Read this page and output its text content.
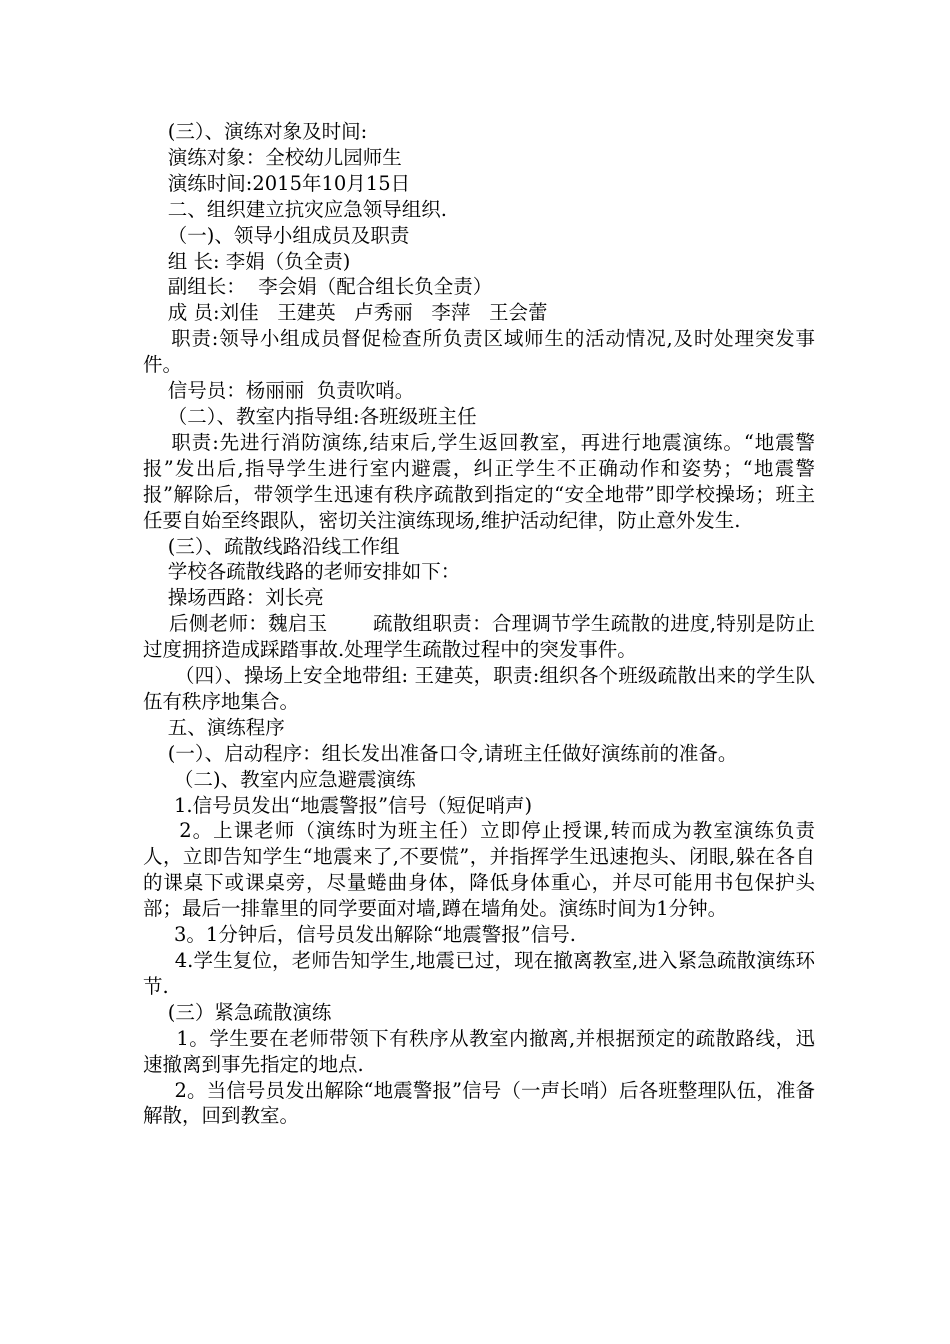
(三）、演练对象及时间:

演练对象：全校幼儿园师生

演练时间:2015年10月15日

二、组织建立抗灾应急领导组织.

（一)、领导小组成员及职责

组 长: 李娟（负全责)

副组长：  李会娟（配合组长负全责）

成 员:刘佳   王建英   卢秀丽   李萍   王会蕾

职责:领导小组成员督促检查所负责区域师生的活动情况,及时处理突发事件。

信号员：杨丽丽  负责吹哨。

（二）、教室内指导组:各班级班主任

职责:先进行消防演练,结束后,学生返回教室，再进行地震演练。“地震警报”发出后,指导学生进行室内避震，纠正学生不正确动作和姿势；“地震警报”解除后，带领学生迅速有秩序疏散到指定的“安全地带”即学校操场；班主任要自始至终跟队，密切关注演练现场,维护活动纪律，防止意外发生.

(三）、疏散线路沿线工作组

学校各疏散线路的老师安排如下：

操场西路：刘长亮

后侧老师：魏启玉       疏散组职责：合理调节学生疏散的进度,特别是防止过度拥挤造成踩踏事故.处理学生疏散过程中的突发事件。

（四）、操场上安全地带组: 王建英，职责:组织各个班级疏散出来的学生队伍有秩序地集合。

五、演练程序

(一）、启动程序：组长发出准备口令,请班主任做好演练前的准备。

（二)、教室内应急避震演练

1.信号员发出“地震警报”信号（短促哨声)

2。上课老师（演练时为班主任）立即停止授课,转而成为教室演练负责人，立即告知学生“地震来了,不要慌”，并指挥学生迅速抱头、闭眼,躲在各自的课桌下或课桌旁，尽量蜷曲身体，降低身体重心，并尽可能用书包保护头部；最后一排靠里的同学要面对墙,蹲在墙角处。演练时间为1分钟。

3。1分钟后，信号员发出解除“地震警报”信号.

4.学生复位，老师告知学生,地震已过，现在撤离教室,进入紧急疏散演练环节.

(三）紧急疏散演练

1。学生要在老师带领下有秩序从教室内撤离,并根据预定的疏散路线，迅速撤离到事先指定的地点.

2。当信号员发出解除“地震警报”信号（一声长哨）后各班整理队伍，准备解散，回到教室。
